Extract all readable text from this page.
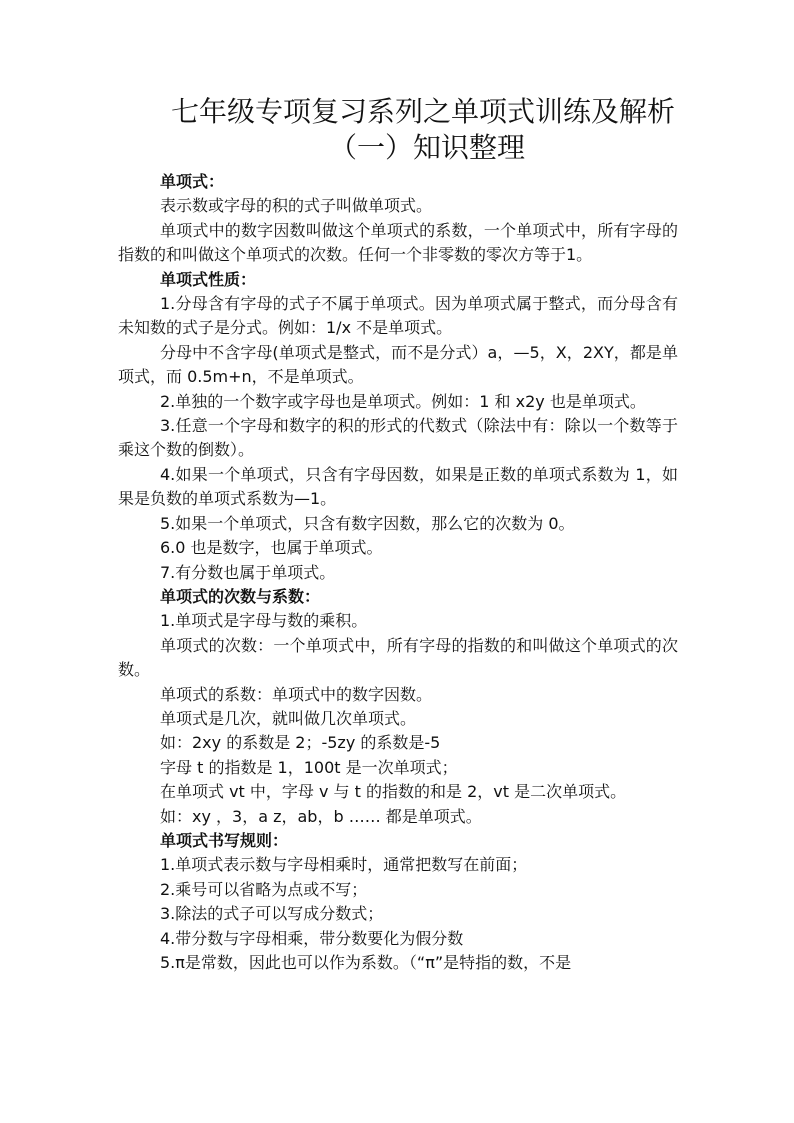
七年级专项复习系列之单项式训练及解析
（一）知识整理

单项式：

表示数或字母的积的式子叫做单项式。

单项式中的数字因数叫做这个单项式的系数，一个单项式中，所有字母的指数的和叫做这个单项式的次数。任何一个非零数的零次方等于1。

单项式性质：

1.分母含有字母的式子不属于单项式。因为单项式属于整式，而分母含有未知数的式子是分式。例如：1/x 不是单项式。

分母中不含字母(单项式是整式，而不是分式）a，—5，X，2XY，都是单项式，而 0.5m+n，不是单项式。

2.单独的一个数字或字母也是单项式。例如：1 和 x2y 也是单项式。

3.任意一个字母和数字的积的形式的代数式（除法中有：除以一个数等于乘这个数的倒数）。

4.如果一个单项式，只含有字母因数，如果是正数的单项式系数为 1，如果是负数的单项式系数为—1。

5.如果一个单项式，只含有数字因数，那么它的次数为 0。

6.0 也是数字，也属于单项式。

7.有分数也属于单项式。

单项式的次数与系数：

1.单项式是字母与数的乘积。

单项式的次数：一个单项式中，所有字母的指数的和叫做这个单项式的次数。

单项式的系数：单项式中的数字因数。

单项式是几次，就叫做几次单项式。

如：2xy 的系数是 2；-5zy 的系数是-5

字母 t 的指数是 1，100t 是一次单项式；

在单项式 vt 中，字母 v 与 t 的指数的和是 2，vt 是二次单项式。

如：xy ，3，a z，ab，b …… 都是单项式。

单项式书写规则：

1.单项式表示数与字母相乘时，通常把数写在前面；

2.乘号可以省略为点或不写；

3.除法的式子可以写成分数式；

4.带分数与字母相乘，带分数要化为假分数

5.π是常数，因此也可以作为系数。（“π”是特指的数，不是
